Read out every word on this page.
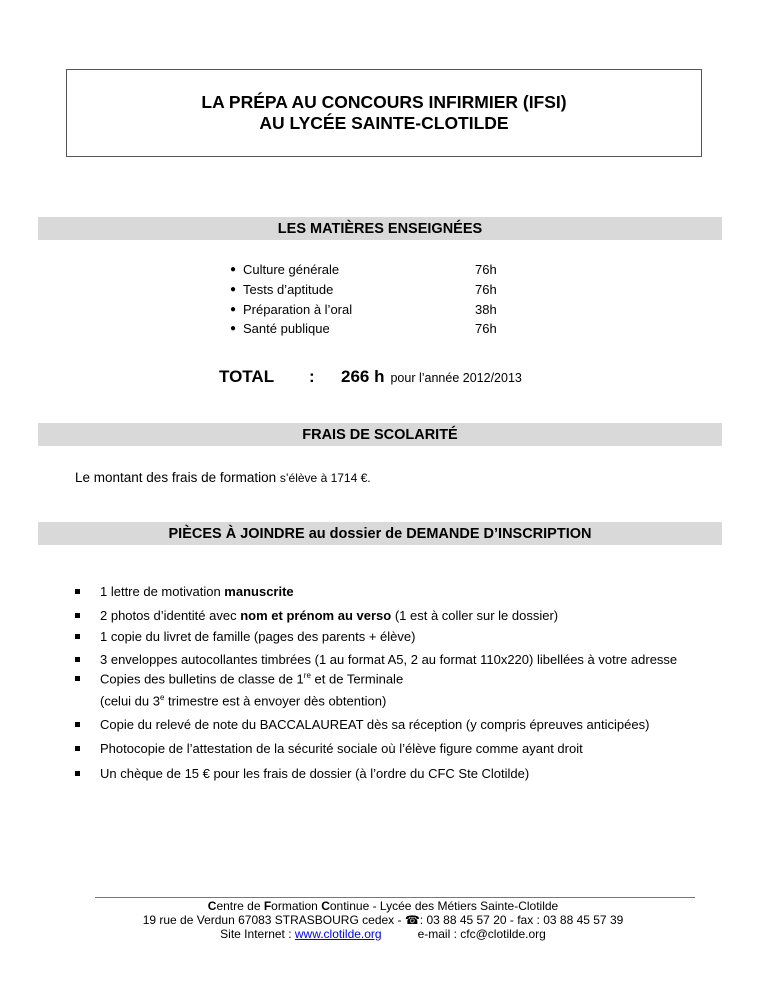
LA PRÉPA AU CONCOURS INFIRMIER (IFSI)
AU LYCÉE SAINTE-CLOTILDE
LES MATIÈRES ENSEIGNÉES
● Culture générale	76h
● Tests d’aptitude	76h
● Préparation à l’oral	38h
● Santé publique	76h
TOTAL	:	266 h pour l’année 2012/2013
FRAIS DE SCOLARITÉ
Le montant des frais de formation s’élève à 1714 €.
PIÈCES À JOINDRE au dossier de DEMANDE D’INSCRIPTION
1 lettre de motivation manuscrite
2 photos d’identité avec nom et prénom au verso (1 est à coller sur le dossier)
1 copie du livret de famille (pages des parents + élève)
3 enveloppes autocollantes timbrées (1 au format A5, 2 au format 110x220) libellées à votre adresse
Copies des bulletins de classe de 1re et de Terminale
(celui du 3e trimestre est à envoyer dès obtention)
Copie du relevé de note du BACCALAUREAT dès sa réception (y compris épreuves anticipées)
Photocopie de l’attestation de la sécurité sociale où l’élève figure comme ayant droit
Un chèque de 15 € pour les frais de dossier (à l’ordre du CFC Ste Clotilde)
Centre de Formation Continue - Lycée des Métiers Sainte-Clotilde
19 rue de Verdun 67083 STRASBOURG cedex - ☎: 03 88 45 57 20 - fax : 03 88 45 57 39
Site Internet : www.clotilde.org	e-mail : cfc@clotilde.org
